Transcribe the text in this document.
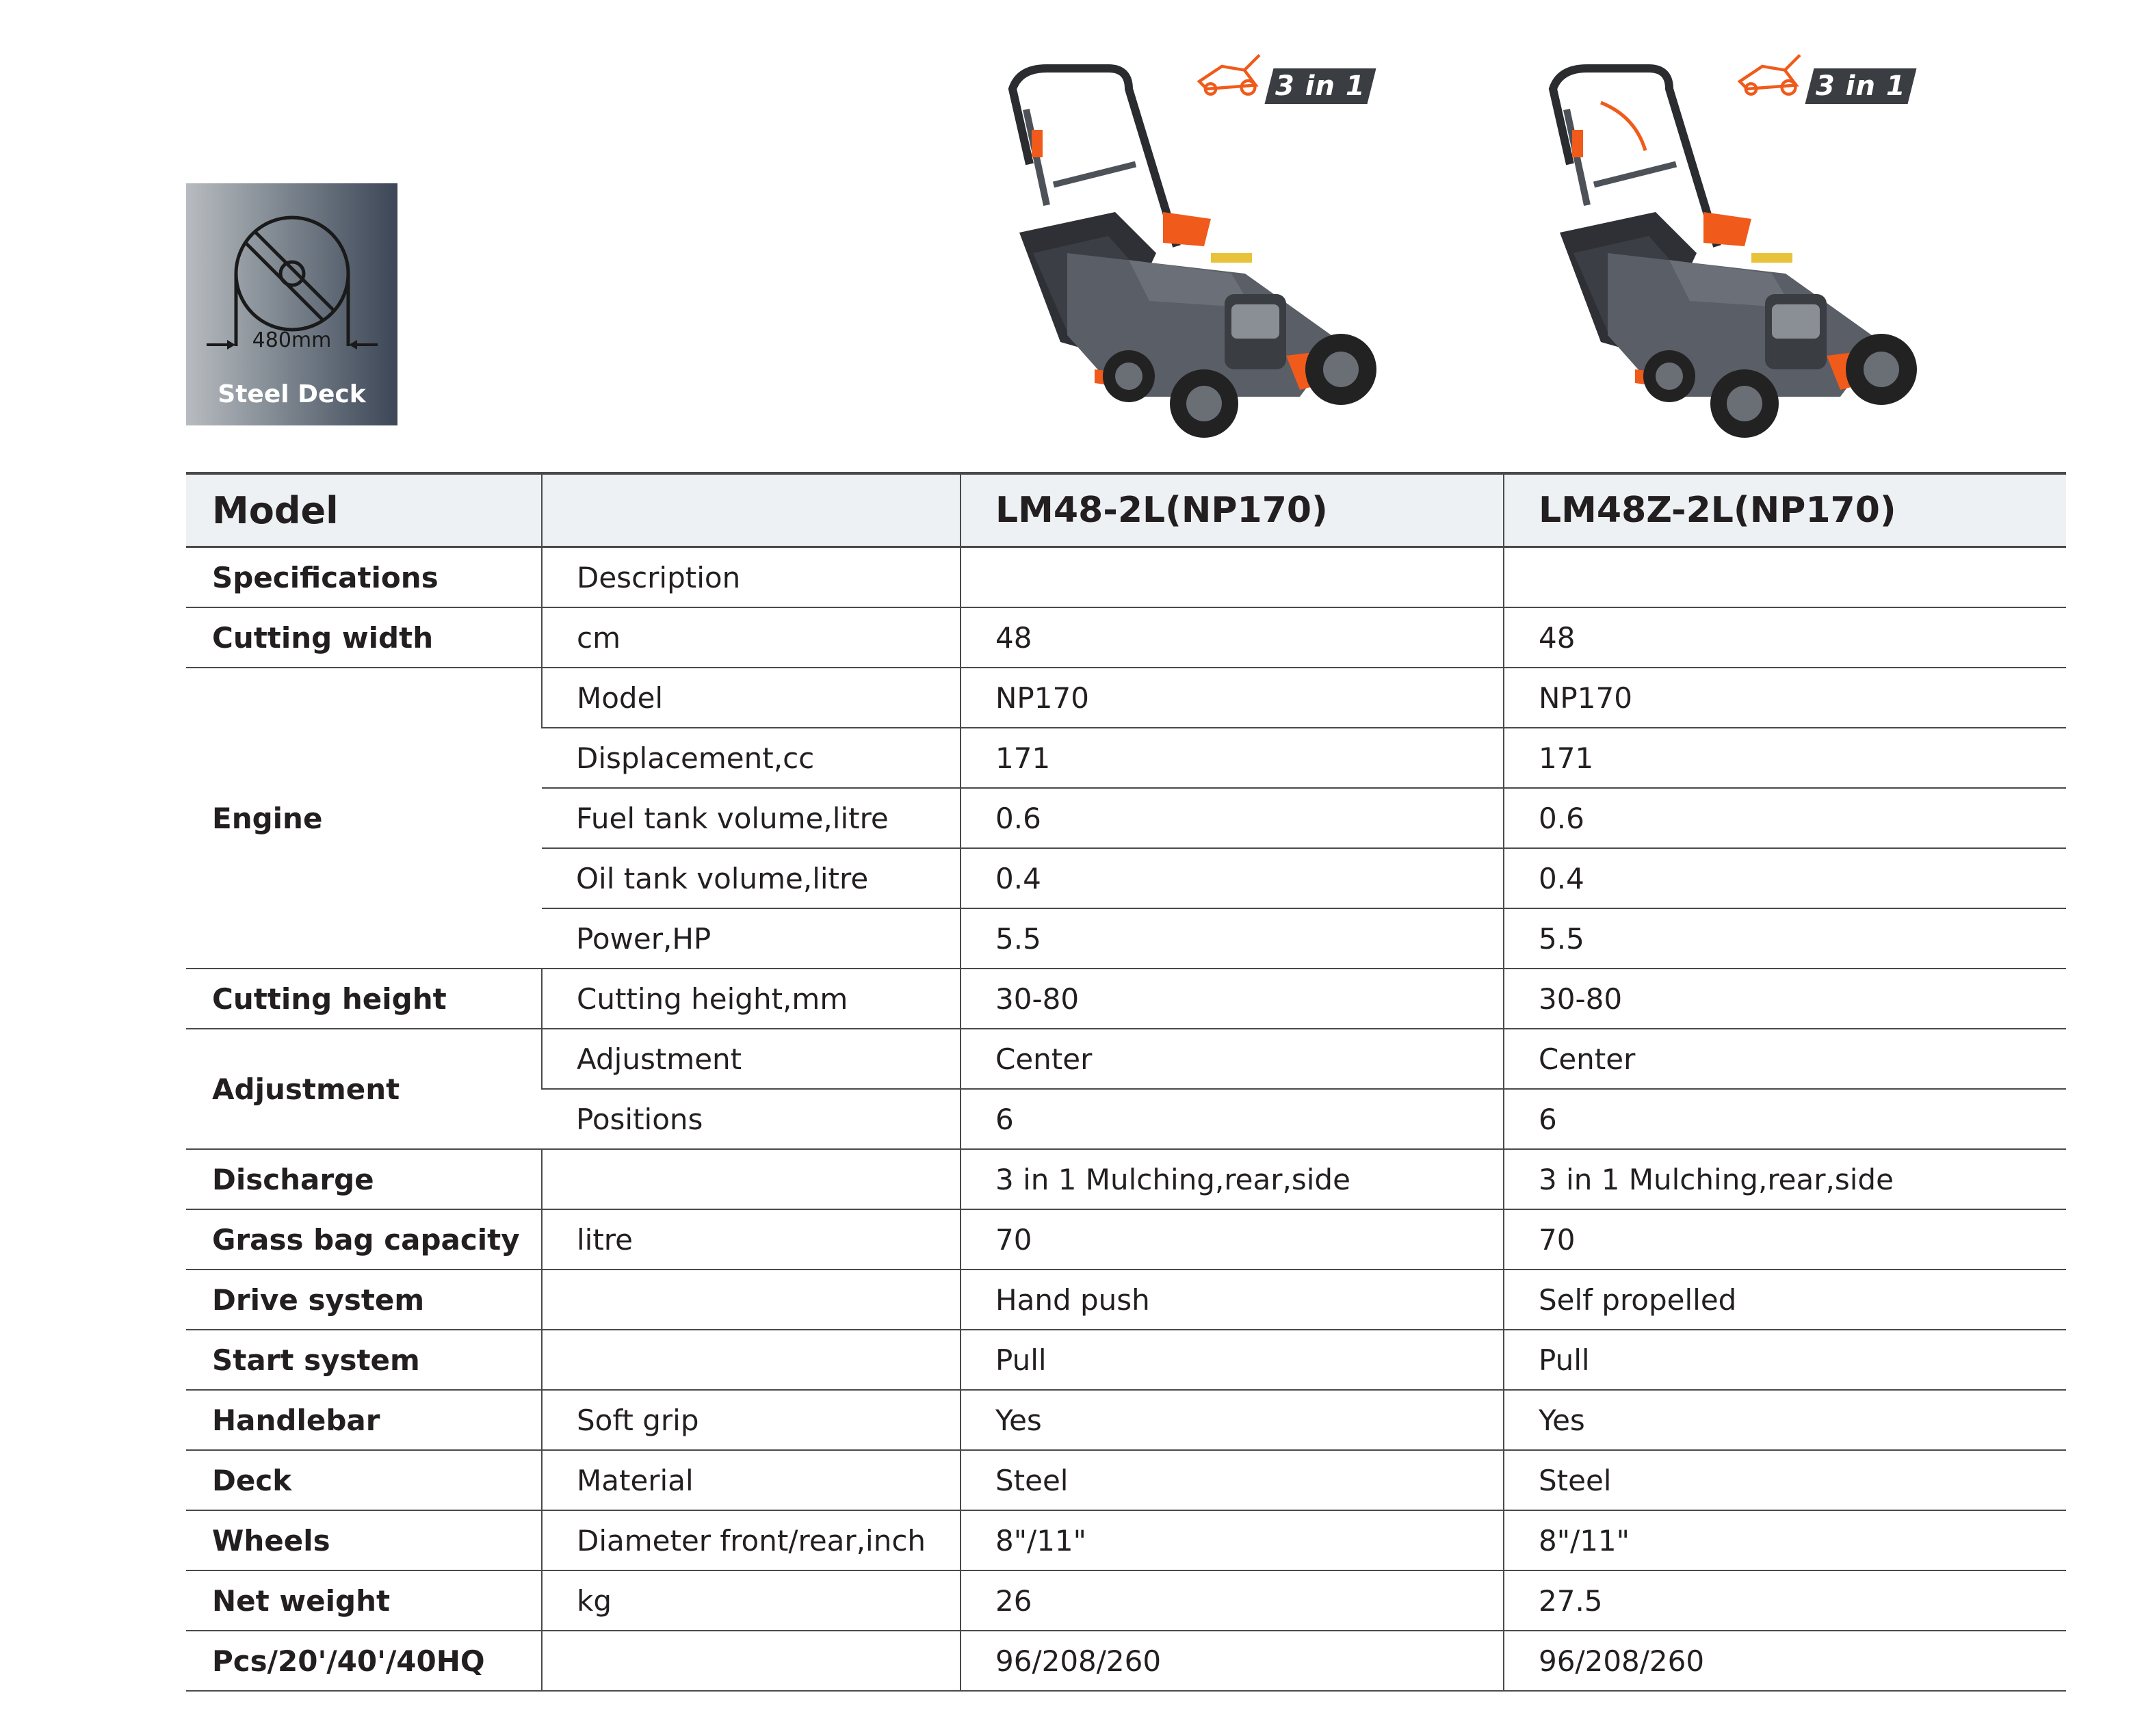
480mm
Steel Deck
3 in 1	3 in 1
Model		LM48-2L(NP170)	LM48Z-2L(NP170)
Specifications	Description		
Cutting width	cm	48	48
Engine	Model	NP170	NP170
	Displacement,cc	171	171
	Fuel tank volume,litre	0.6	0.6
	Oil tank volume,litre	0.4	0.4
	Power,HP	5.5	5.5
Cutting height	Cutting height,mm	30-80	30-80
Adjustment	Adjustment	Center	Center
	Positions	6	6
Discharge		3 in 1 Mulching,rear,side	3 in 1 Mulching,rear,side
Grass bag capacity	litre	70	70
Drive system		Hand push	Self propelled
Start system		Pull	Pull
Handlebar	Soft grip	Yes	Yes
Deck	Material	Steel	Steel
Wheels	Diameter front/rear,inch	8"/11"	8"/11"
Net weight	kg	26	27.5
Pcs/20'/40'/40HQ		96/208/260	96/208/260
